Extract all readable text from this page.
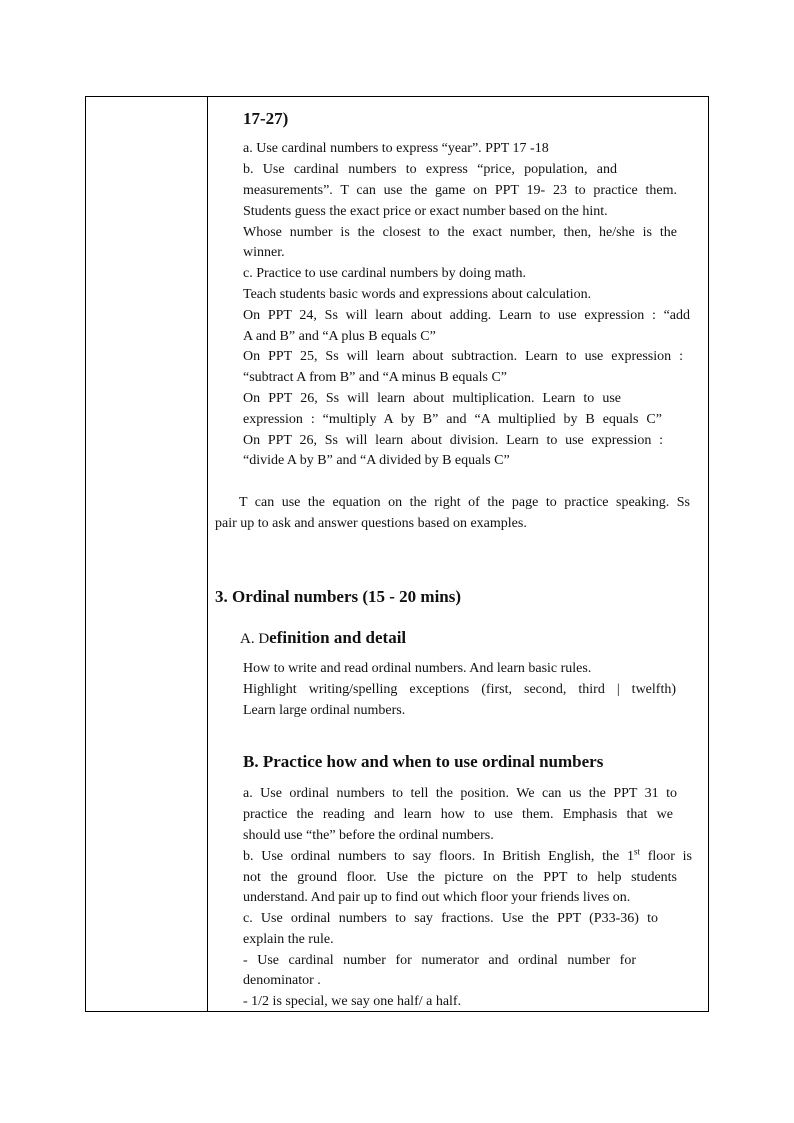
17-27)
a. Use cardinal numbers to express “year”. PPT 17 -18
b. Use cardinal numbers to express “price, population, and
measurements”. T can use the game on PPT 19- 23 to practice them.
Students guess the exact price or exact number based on the hint.
Whose number is the closest to the exact number, then, he/she is the
winner.
c. Practice to use cardinal numbers by doing math.
Teach students basic words and expressions about calculation.
On PPT 24, Ss will learn about adding. Learn to use expression : “add
A and B” and “A plus B equals C”
On PPT 25, Ss will learn about subtraction. Learn to use expression :
“subtract A from B” and “A minus B equals C”
On PPT 26, Ss will learn about multiplication. Learn to use
expression : “multiply A by B” and “A multiplied by B equals C”
On PPT 26, Ss will learn about division. Learn to use expression :
“divide A by B” and “A divided by B equals C”
T can use the equation on the right of the page to practice speaking. Ss
pair up to ask and answer questions based on examples.
3. Ordinal numbers (15 - 20 mins)
A. Definition and detail
How to write and read ordinal numbers. And learn basic rules.
Highlight writing/spelling exceptions (first, second, third | twelfth)
Learn large ordinal numbers.
B. Practice how and when to use ordinal numbers
a. Use ordinal numbers to tell the position. We can us the PPT 31 to
practice the reading and learn how to use them. Emphasis that we
should use “the” before the ordinal numbers.
b. Use ordinal numbers to say floors. In British English, the 1st floor is
not the ground floor. Use the picture on the PPT to help students
understand. And pair up to find out which floor your friends lives on.
c. Use ordinal numbers to say fractions. Use the PPT (P33-36) to
explain the rule.
- Use cardinal number for numerator and ordinal number for
denominator .
- 1/2 is special, we say one half/ a half.
